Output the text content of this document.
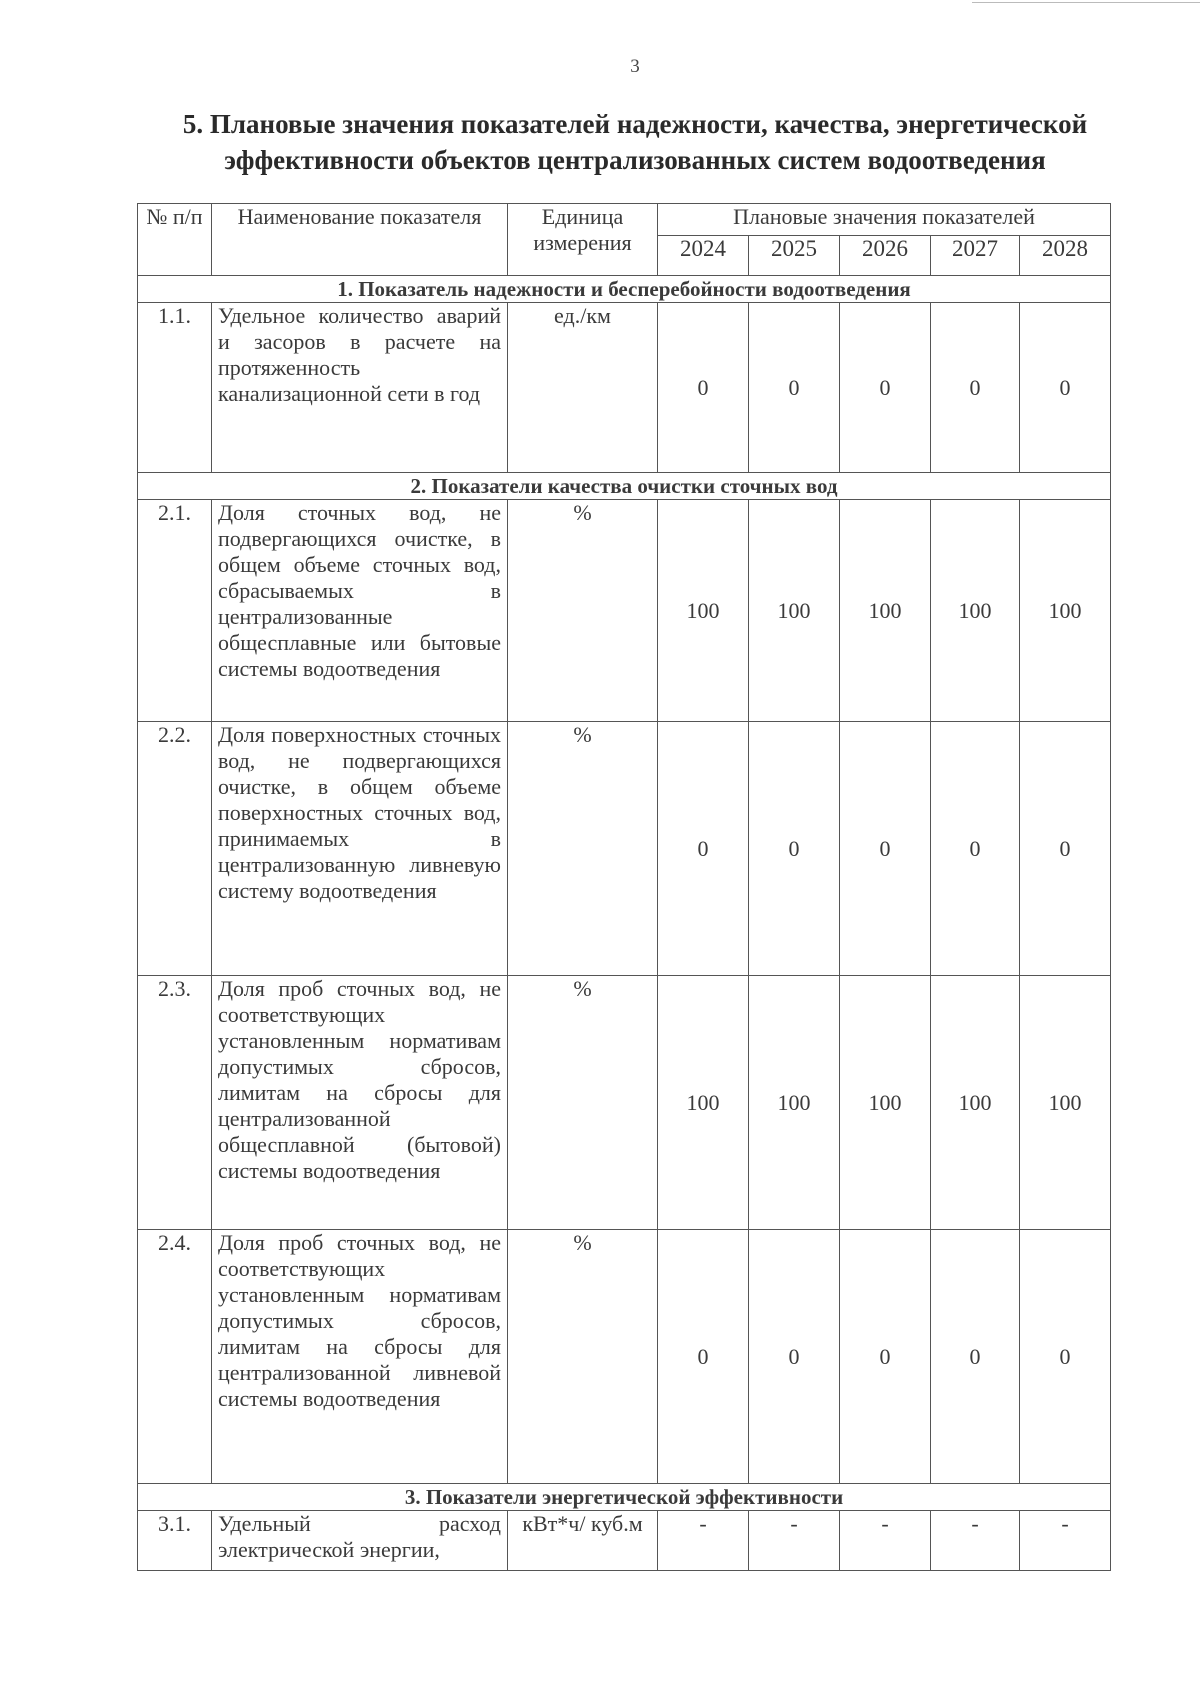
3
5. Плановые значения показателей надежности, качества, энергетической
эффективности объектов централизованных систем водоотведения
№ п/п	Наименование показателя	Единица измерения	Плановые значения показателей				
			2024	2025	2026	2027	2028
1. Показатель надежности и бесперебойности водоотведения							
1.1.	Удельное количество аварий и засоров в расчете на протяженность канализационной сети в год	ед./км	0	0	0	0	0
2. Показатели качества очистки сточных вод							
2.1.	Доля сточных вод, не подвергающихся очистке, в общем объеме сточных вод, сбрасываемых в централизованные общесплавные или бытовые системы водоотведения	%	100	100	100	100	100
2.2.	Доля поверхностных сточных вод, не подвергающихся очистке, в общем объеме поверхностных сточных вод, принимаемых в централизованную ливневую систему водоотведения	%	0	0	0	0	0
2.3.	Доля проб сточных вод, не соответствующих установленным нормативам допустимых сбросов, лимитам на сбросы для централизованной общесплавной (бытовой) системы водоотведения	%	100	100	100	100	100
2.4.	Доля проб сточных вод, не соответствующих установленным нормативам допустимых сбросов, лимитам на сбросы для централизованной ливневой системы водоотведения	%	0	0	0	0	0
3. Показатели энергетической эффективности							
3.1.	Удельный расход электрической энергии,	кВт*ч/ куб.м	-	-	-	-	-
